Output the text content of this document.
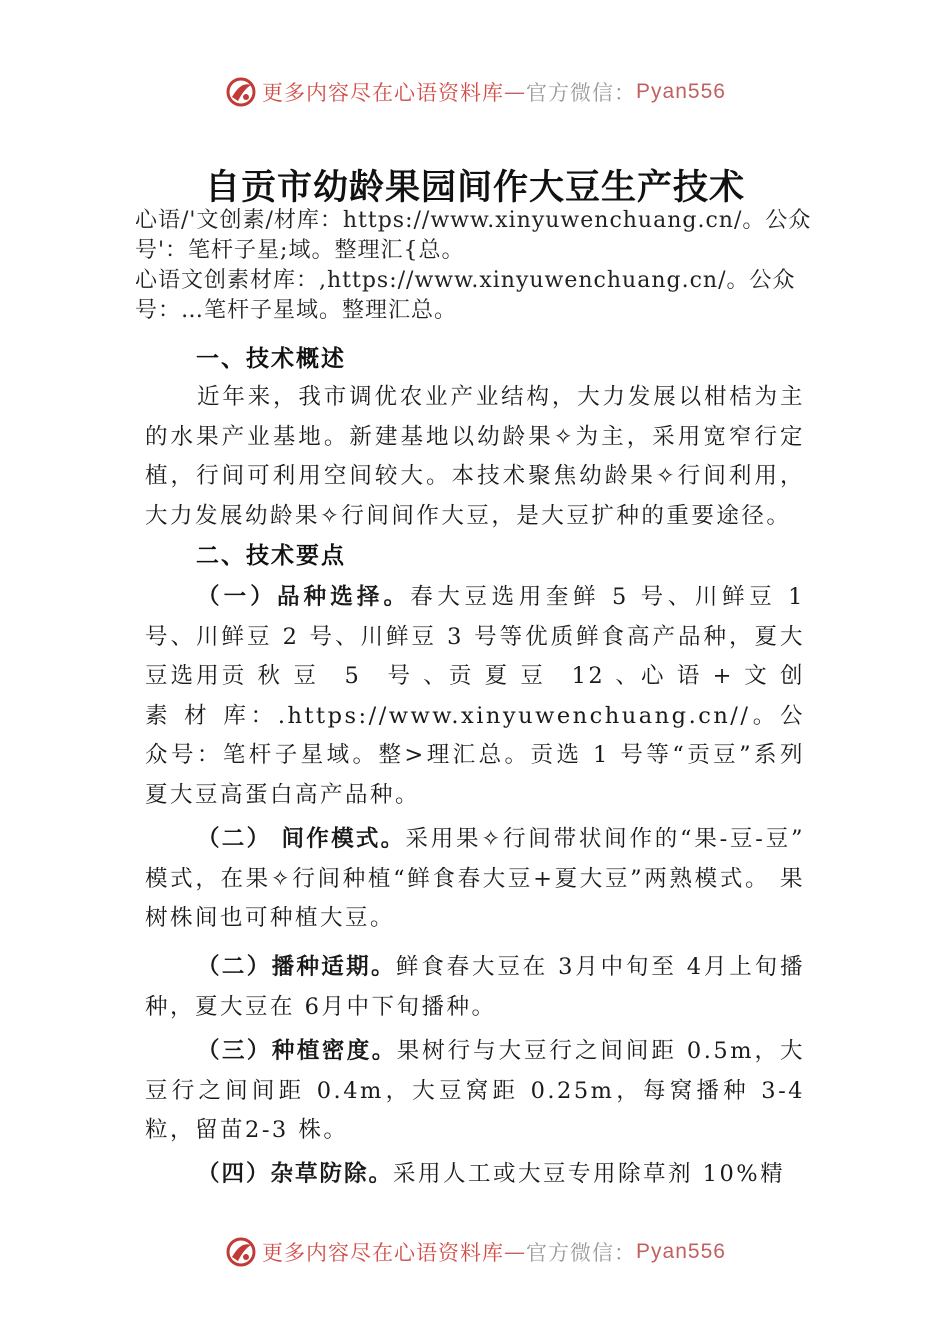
更多内容尽在心语资料库 — 官方微信： Pyan556
自贡市幼龄果园间作大豆生产技术

心语/'文创素/材库：https://www.xinyuwenchuang.cn/。公众号'：笔杆子星;域。整理汇{总。

心语文创素材库：,https://www.xinyuwenchuang.cn/。公众号：…笔杆子星域。整理汇总。

一、技术概述

近年来，我市调优农业产业结构，大力发展以柑桔为主的水果产业基地。新建基地以幼龄果✧为主，采用宽窄行定植，行间可利用空间较大。本技术聚焦幼龄果✧行间利用， 大力发展幼龄果✧行间间作大豆，是大豆扩种的重要途径。

二、技术要点

（一）品种选择。春大豆选用奎鲜 5 号、川鲜豆 1 号、川鲜豆 2 号、川鲜豆 3 号等优质鲜食高产品种，夏大豆选用贡 秋 豆　5　号 、贡 夏 豆　12 、心 语 + 文 创 素 材 库：.https://www.xinyuwenchuang.cn//。公众号：笔杆子星域。整>理汇总。贡选 1 号等“贡豆”系列夏大豆高蛋白高产品种。

（二） 间作模式。采用果✧行间带状间作的“果-豆-豆” 模式，在果✧行间种植“鲜食春大豆+夏大豆”两熟模式。 果树株间也可种植大豆。

（二）播种适期。鲜食春大豆在 3月中旬至 4月上旬播种，夏大豆在 6月中下旬播种。

（三）种植密度。果树行与大豆行之间间距 0.5m，大豆行之间间距 0.4m，大豆窝距 0.25m，每窝播种 3-4 粒，留苗2-3 株。

（四）杂草防除。采用人工或大豆专用除草剂 10%精

更多内容尽在心语资料库 — 官方微信： Pyan556
